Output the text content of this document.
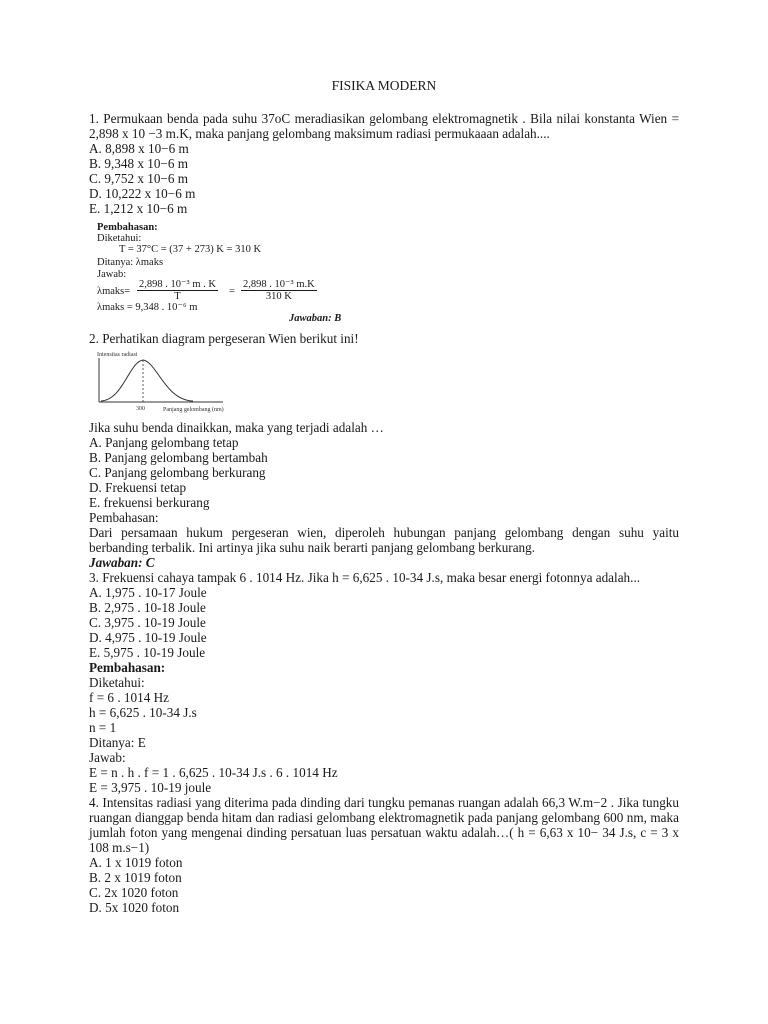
FISIKA MODERN

1. Permukaan benda pada suhu 37oC meradiasikan gelombang elektromagnetik . Bila nilai konstanta Wien = 2,898 x 10 −3 m.K, maka panjang gelombang maksimum radiasi permukaaan adalah....

A. 8,898 x 10−6 m

B. 9,348 x 10−6 m

C. 9,752 x 10−6 m

D. 10,222 x 10−6 m

E. 1,212 x 10−6 m

Pembahasan:
Diketahui:
T = 37°C = (37 + 273) K = 310 K
Ditanya: λmaks
Jawab:
λmaks= $\frac{\text{2,898 . 10⁻³ m . K}}{T} = \frac{\text{2,898 . 10⁻³ m.K}}{310 K}$
λmaks = 9,348 . 10⁻⁶ m
Jawaban: B

2. Perhatikan diagram pergeseran Wien berikut ini!

Intensitas radiasi
300	Panjang gelombang (nm)

Jika suhu benda dinaikkan, maka yang terjadi adalah …

A. Panjang gelombang tetap

B. Panjang gelombang bertambah

C. Panjang gelombang berkurang

D. Frekuensi tetap

E. frekuensi berkurang

Pembahasan:

Dari persamaan hukum pergeseran wien, diperoleh hubungan panjang gelombang dengan suhu yaitu berbanding terbalik. Ini artinya jika suhu naik berarti panjang gelombang berkurang.

Jawaban: C

3. Frekuensi cahaya tampak 6 . 1014 Hz. Jika h = 6,625 . 10-34 J.s, maka besar energi fotonnya adalah...

A. 1,975 . 10-17 Joule

B. 2,975 . 10-18 Joule

C. 3,975 . 10-19 Joule

D. 4,975 . 10-19 Joule

E. 5,975 . 10-19 Joule

Pembahasan:

Diketahui:

f = 6 . 1014 Hz

h = 6,625 . 10-34 J.s

n = 1

Ditanya: E

Jawab:

E = n . h . f = 1 . 6,625 . 10-34 J.s . 6 . 1014 Hz

E = 3,975 . 10-19 joule

4. Intensitas radiasi yang diterima pada dinding dari tungku pemanas ruangan adalah 66,3 W.m−2 . Jika tungku ruangan dianggap benda hitam dan radiasi gelombang elektromagnetik pada panjang gelombang 600 nm, maka jumlah foton yang mengenai dinding persatuan luas persatuan waktu adalah…( h = 6,63 x 10− 34 J.s, c = 3 x 108 m.s−1)

A. 1 x 1019 foton

B. 2 x 1019 foton

C. 2x 1020 foton

D. 5x 1020 foton
